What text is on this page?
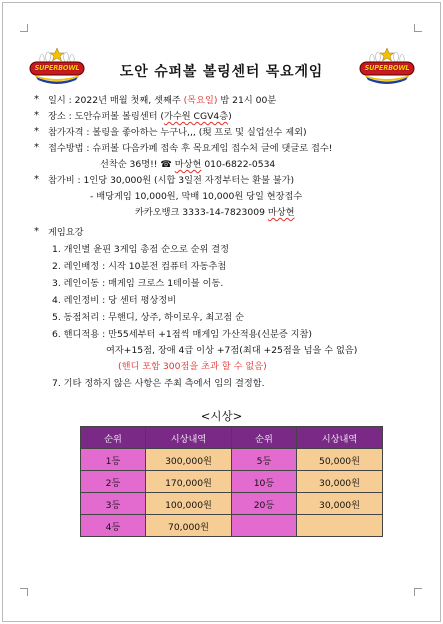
SUPERBOWL	SUPERBOWL
도안 슈퍼볼 볼링센터 목요게임
* 일시 : 2022년 매월 첫째, 셋째주 (목요일) 밤 21시 00분
* 장소 : 도안슈퍼볼 볼링센터 (가수원 CGV4층)
* 참가자격 : 볼링을 좋아하는 누구나,,, (現 프로 및 실업선수 제외)
* 접수방법 : 슈퍼볼 다음카페 접속 후 목요게임 접수처 글에 댓글로 접수!
선착순 36명!! ☎ 마상현 010-6822-0534
* 참가비 : 1인당 30,000원 (시합 3일전 자정부터는 환불 불가)
- 배당게임 10,000원, 막배 10,000원 당일 현장접수
카카오뱅크 3333-14-7823009 마상현
* 게임요강
1. 개인별 윤핀 3게임 총점 순으로 순위 결정
2. 레인배정 : 시작 10분전 컴퓨터 자동추첨
3. 레인이동 : 매게임 크로스 1테이블 이동.
4. 레인정비 : 당 센터 평상정비
5. 동점처리 : 무핸디, 상주, 하이로우, 최고점 순
6. 핸디적용 : 만55세부터 +1점씩 매게임 가산적용(신분증 지참)
여자+15점, 장애 4급 이상 +7점(최대 +25점을 넘을 수 없음)
(핸디 포함 300점을 초과 할 수 없음)
7. 기타 정하지 않은 사항은 주최 측에서 임의 결정함.
<시상>
순위	시상내역	순위	시상내역
1등	300,000원	5등	50,000원
2등	170,000원	10등	30,000원
3등	100,000원	20등	30,000원
4등	70,000원		
